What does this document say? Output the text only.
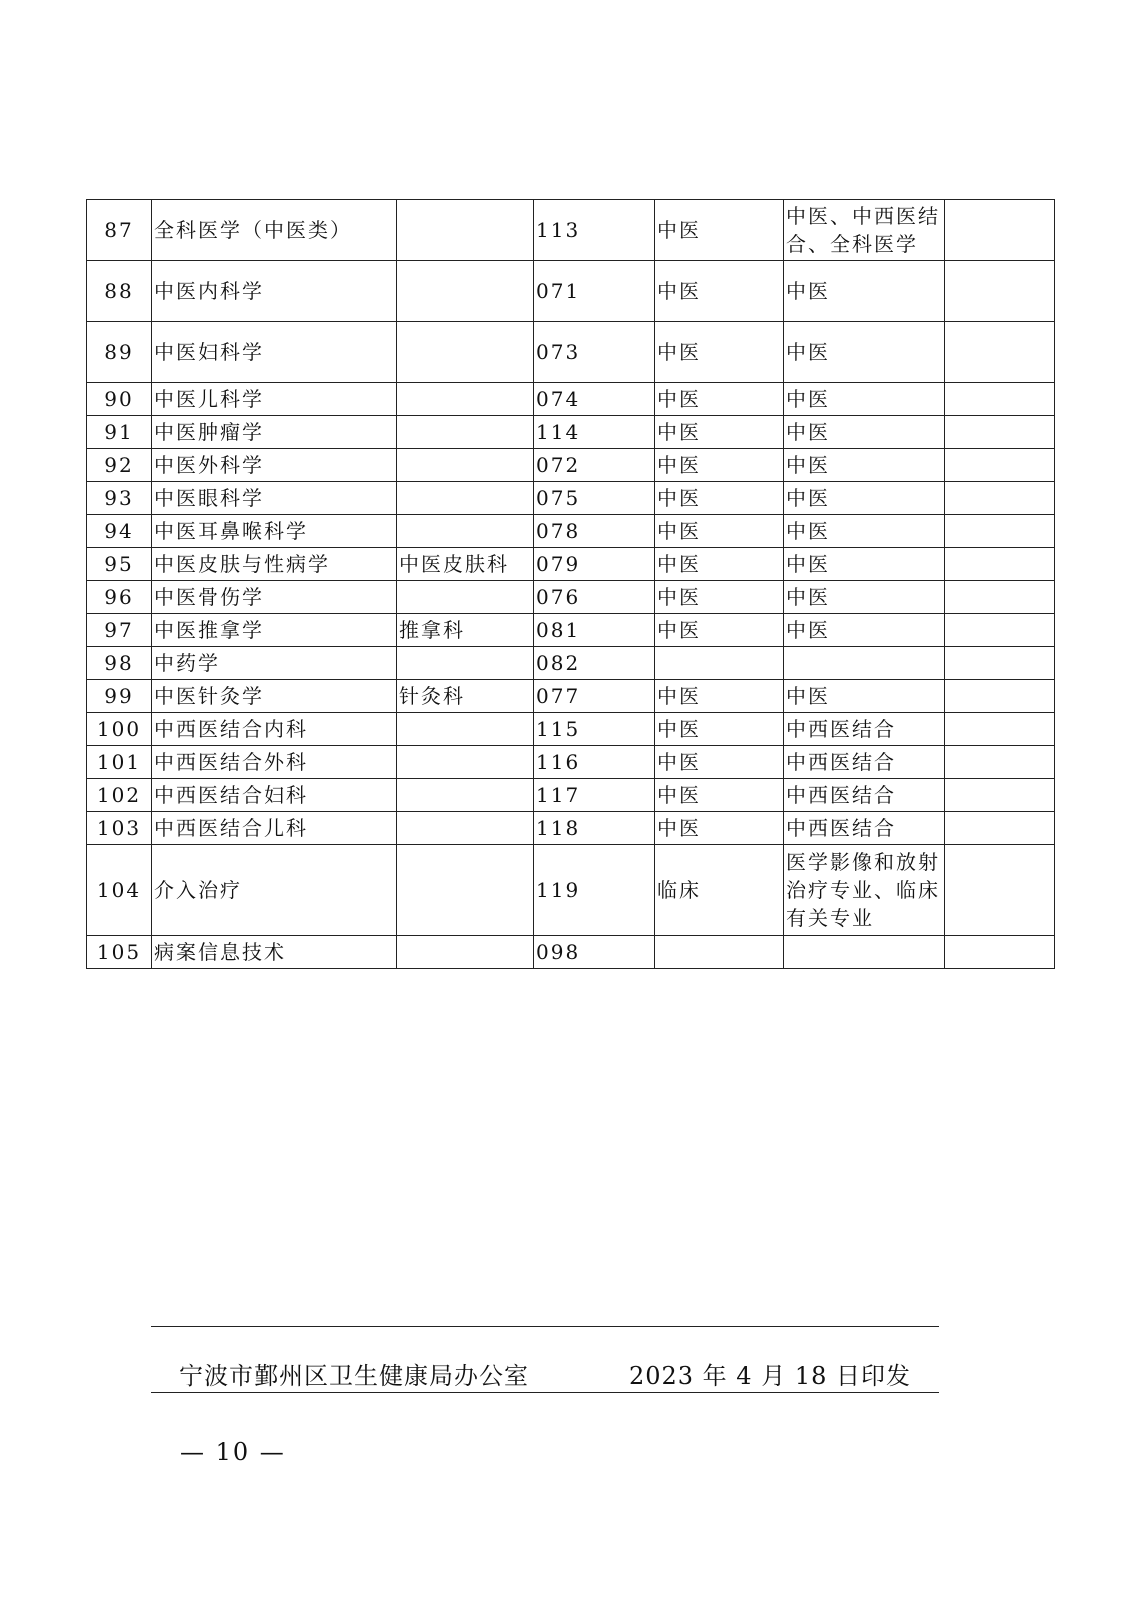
87	全科医学（中医类）		113	中医	中医、中西医结合、全科医学	
88	中医内科学		071	中医	中医	
89	中医妇科学		073	中医	中医	
90	中医儿科学		074	中医	中医	
91	中医肿瘤学		114	中医	中医	
92	中医外科学		072	中医	中医	
93	中医眼科学		075	中医	中医	
94	中医耳鼻喉科学		078	中医	中医	
95	中医皮肤与性病学	中医皮肤科	079	中医	中医	
96	中医骨伤学		076	中医	中医	
97	中医推拿学	推拿科	081	中医	中医	
98	中药学		082			
99	中医针灸学	针灸科	077	中医	中医	
100	中西医结合内科		115	中医	中西医结合	
101	中西医结合外科		116	中医	中西医结合	
102	中西医结合妇科		117	中医	中西医结合	
103	中西医结合儿科		118	中医	中西医结合	
104	介入治疗		119	临床	医学影像和放射治疗专业、临床有关专业	
105	病案信息技术		098			
宁波市鄞州区卫生健康局办公室	2023 年 4 月 18 日印发
— 10 —
